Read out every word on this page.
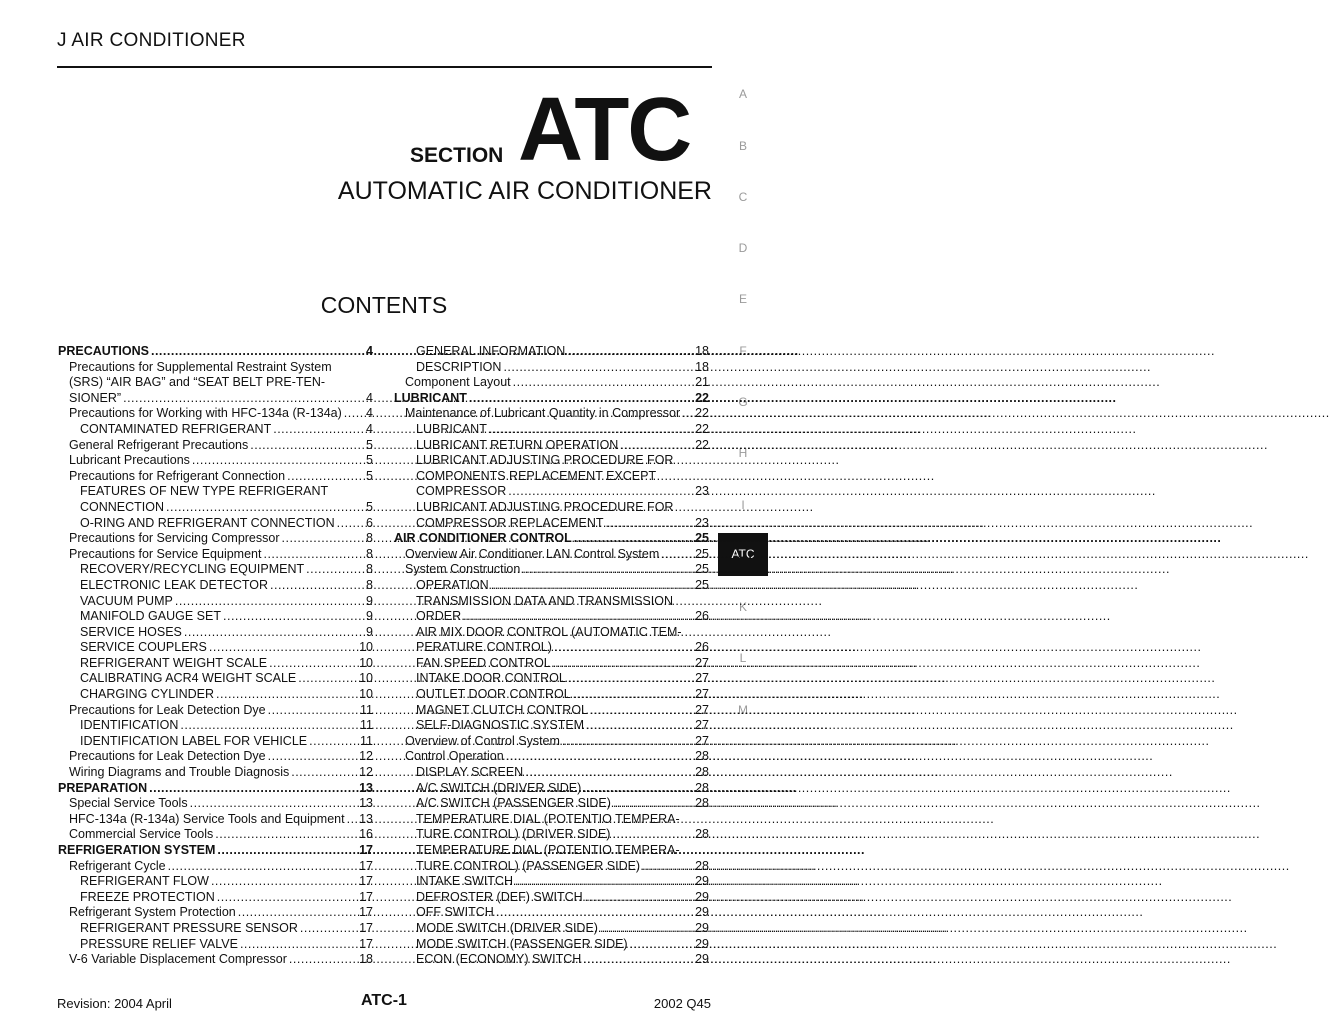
J AIR CONDITIONER
SECTION ATC
AUTOMATIC AIR CONDITIONER
CONTENTS
A
B
C
D
E
F
G
H
I
ATC
K
L
M
PRECAUTIONS .....	4
Precautions for Supplemental Restraint System
(SRS) “AIR BAG” and “SEAT BELT PRE-TEN-
SIONER” .....	4
Precautions for Working with HFC-134a (R-134a) ..... 4
CONTAMINATED REFRIGERANT .....	4
General Refrigerant Precautions .....	5
Lubricant Precautions .....	5
Precautions for Refrigerant Connection .....	5
FEATURES OF NEW TYPE REFRIGERANT
CONNECTION .....	5
O-RING AND REFRIGERANT CONNECTION .....	6
Precautions for Servicing Compressor .....	8
Precautions for Service Equipment .....	8
RECOVERY/RECYCLING EQUIPMENT .....	8
ELECTRONIC LEAK DETECTOR .....	8
VACUUM PUMP .....	9
MANIFOLD GAUGE SET .....	9
SERVICE HOSES .....	9
SERVICE COUPLERS .....	10
REFRIGERANT WEIGHT SCALE .....	10
CALIBRATING ACR4 WEIGHT SCALE .....	10
CHARGING CYLINDER .....	10
Precautions for Leak Detection Dye .....	11
IDENTIFICATION .....	11
IDENTIFICATION LABEL FOR VEHICLE .....	11
Precautions for Leak Detection Dye .....	12
Wiring Diagrams and Trouble Diagnosis .....	12
PREPARATION .....	13
Special Service Tools .....	13
HFC-134a (R-134a) Service Tools and Equipment ..... 13
Commercial Service Tools .....	16
REFRIGERATION SYSTEM .....	17
Refrigerant Cycle .....	17
REFRIGERANT FLOW .....	17
FREEZE PROTECTION .....	17
Refrigerant System Protection .....	17
REFRIGERANT PRESSURE SENSOR .....	17
PRESSURE RELIEF VALVE .....	17
V-6 Variable Displacement Compressor .....	18
GENERAL INFORMATION .....	18
DESCRIPTION .....	18
Component Layout .....	21
LUBRICANT .....	22
Maintenance of Lubricant Quantity in Compressor ..... 22
LUBRICANT .....	22
LUBRICANT RETURN OPERATION .....	22
LUBRICANT ADJUSTING PROCEDURE FOR
COMPONENTS REPLACEMENT EXCEPT
COMPRESSOR .....	23
LUBRICANT ADJUSTING PROCEDURE FOR
COMPRESSOR REPLACEMENT .....	23
AIR CONDITIONER CONTROL .....	25
Overview Air Conditioner LAN Control System .....	25
System Construction .....	25
OPERATION .....	25
TRANSMISSION DATA AND TRANSMISSION
ORDER .....	26
AIR MIX DOOR CONTROL (AUTOMATIC TEM-
PERATURE CONTROL) .....	26
FAN SPEED CONTROL .....	27
INTAKE DOOR CONTROL .....	27
OUTLET DOOR CONTROL .....	27
MAGNET CLUTCH CONTROL .....	27
SELF-DIAGNOSTIC SYSTEM .....	27
Overview of Control System .....	27
Control Operation .....	28
DISPLAY SCREEN .....	28
A/C SWITCH (DRIVER SIDE) .....	28
A/C SWITCH (PASSENGER SIDE) .....	28
TEMPERATURE DIAL (POTENTIO TEMPERA-
TURE CONTROL) (DRIVER SIDE) .....	28
TEMPERATURE DIAL (POTENTIO TEMPERA-
TURE CONTROL) (PASSENGER SIDE) .....	28
INTAKE SWITCH .....	29
DEFROSTER (DEF) SWITCH .....	29
OFF SWITCH .....	29
MODE SWITCH (DRIVER SIDE) .....	29
MODE SWITCH (PASSENGER SIDE) .....	29
ECON (ECONOMY) SWITCH .....	29
Revision: 2004 April	ATC-1	2002 Q45
